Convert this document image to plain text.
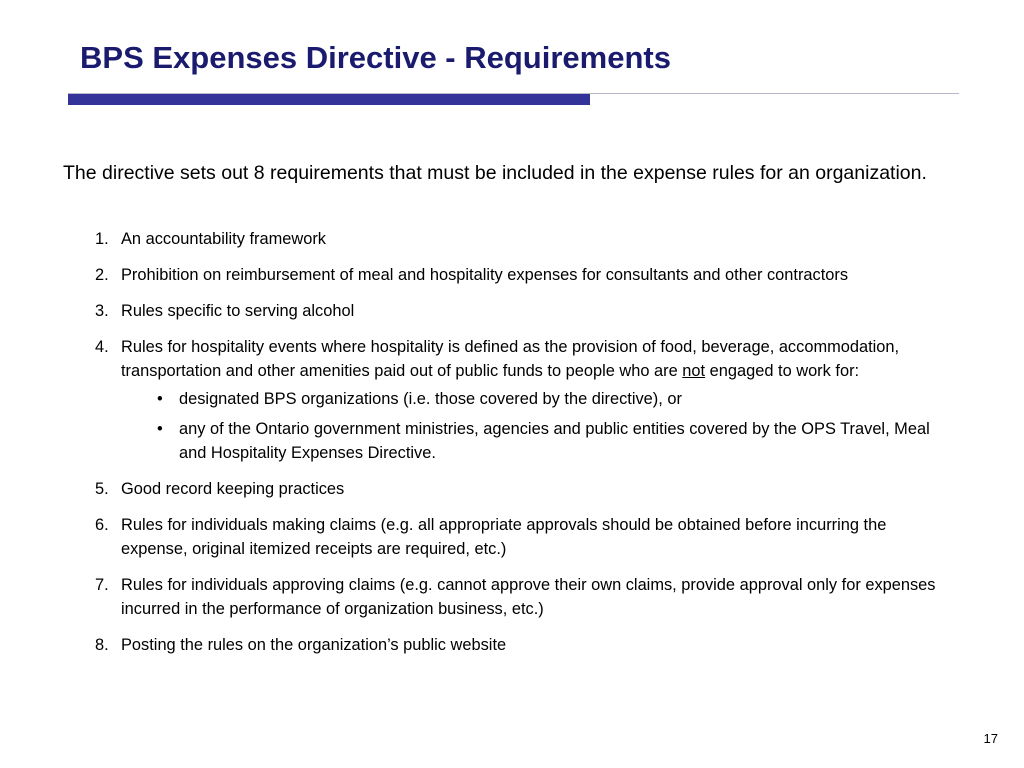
BPS Expenses Directive - Requirements

The directive sets out 8 requirements that must be included in the expense rules for an organization.

1. An accountability framework
2. Prohibition on reimbursement of meal and hospitality expenses for consultants and other contractors
3. Rules specific to serving alcohol
4. Rules for hospitality events where hospitality is defined as the provision of food, beverage, accommodation, transportation and other amenities paid out of public funds to people who are not engaged to work for:
• designated BPS organizations (i.e. those covered by the directive), or
• any of the Ontario government ministries, agencies and public entities covered by the OPS Travel, Meal and Hospitality Expenses Directive.
5. Good record keeping practices
6. Rules for individuals making claims (e.g. all appropriate approvals should be obtained before incurring the expense, original itemized receipts are required, etc.)
7. Rules for individuals approving claims (e.g. cannot approve their own claims, provide approval only for expenses incurred in the performance of organization business, etc.)
8. Posting the rules on the organization’s public website
17
